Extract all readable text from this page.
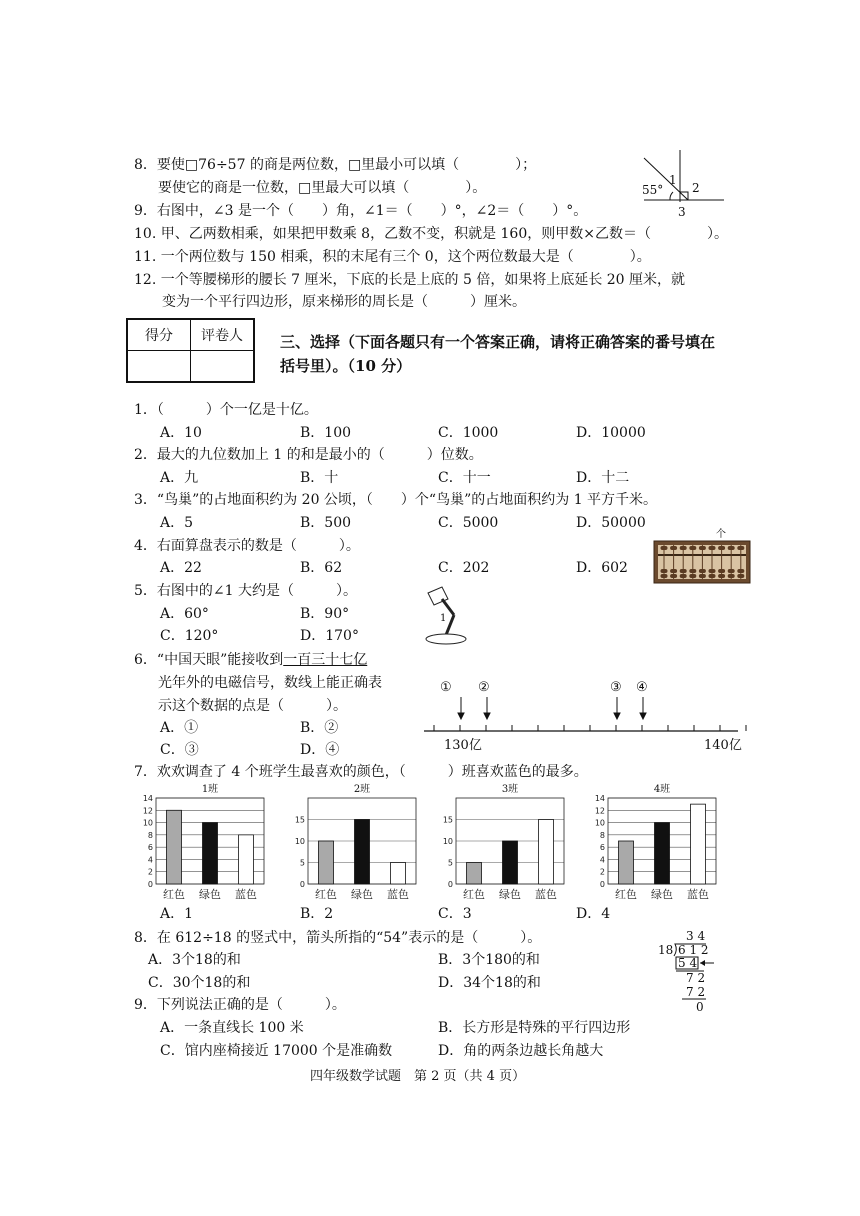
8．要使□76÷57 的商是两位数，□里最小可以填（　　　　）；
要使它的商是一位数，□里最大可以填（　　　　）。
9．右图中，∠3 是一个（　　）角，∠1＝（　　）°，∠2＝（　　）°。
10. 甲、乙两数相乘，如果把甲数乘 8，乙数不变，积就是 160，则甲数×乙数＝（　　　　）。
11. 一个两位数与 150 相乘，积的末尾有三个 0，这个两位数最大是（　　　　）。
12. 一个等腰梯形的腰长 7 厘米，下底的长是上底的 5 倍，如果将上底延长 20 厘米，就
变为一个平行四边形，原来梯形的周长是（　　　）厘米。
55°
1
2
3
得分	评卷人
	三、选择（下面各题只有一个答案正确，请将正确答案的番号填在
括号里）。（10 分）
1．（　　　）个一亿是十亿。
A．10	B．100	C．1000	D．10000
2．最大的九位数加上 1 的和是最小的（　　　）位数。
A．九	B．十	C．十一	D．十二
3．“鸟巢”的占地面积约为 20 公顷，（　　）个“鸟巢”的占地面积约为 1 平方千米。
A．5	B．500	C．5000	D．50000
4．右面算盘表示的数是（　　　）。
A．22	B．62	C．202	D．602
个
5．右图中的∠1 大约是（　　　）。
A．60°	B．90°
C．120°	D．170°
1
6．“中国天眼”能接收到一百三十七亿
光年外的电磁信号，数线上能正确表
示这个数据的点是（　　　）。
A．①	B．②
C．③	D．④
① ②	③ ④
130亿	140亿
7．欢欢调查了 4 个班学生最喜欢的颜色，（　　　）班喜欢蓝色的最多。
1班
0
2
4
6
8
10
12
14
红色 绿色 蓝色
2班
0
5
10
15
红色 绿色 蓝色
3班
0
5
10
15
红色 绿色 蓝色
4班
0
2
4
6
8
10
12
14
红色 绿色 蓝色
A．1	B．2	C．3	D．4
8．在 612÷18 的竖式中，箭头所指的“54”表示的是（　　　）。
A．3个18的和	B．3个180的和
C．30个18的和	D．34个18的和
3 4
18 6 1 2
5 4
7 2
7 2
0
9．下列说法正确的是（　　　）。
A．一条直线长 100 米	B．长方形是特殊的平行四边形
C．馆内座椅接近 17000 个是准确数	D．角的两条边越长角越大
四年级数学试题　第 2 页（共 4 页）
